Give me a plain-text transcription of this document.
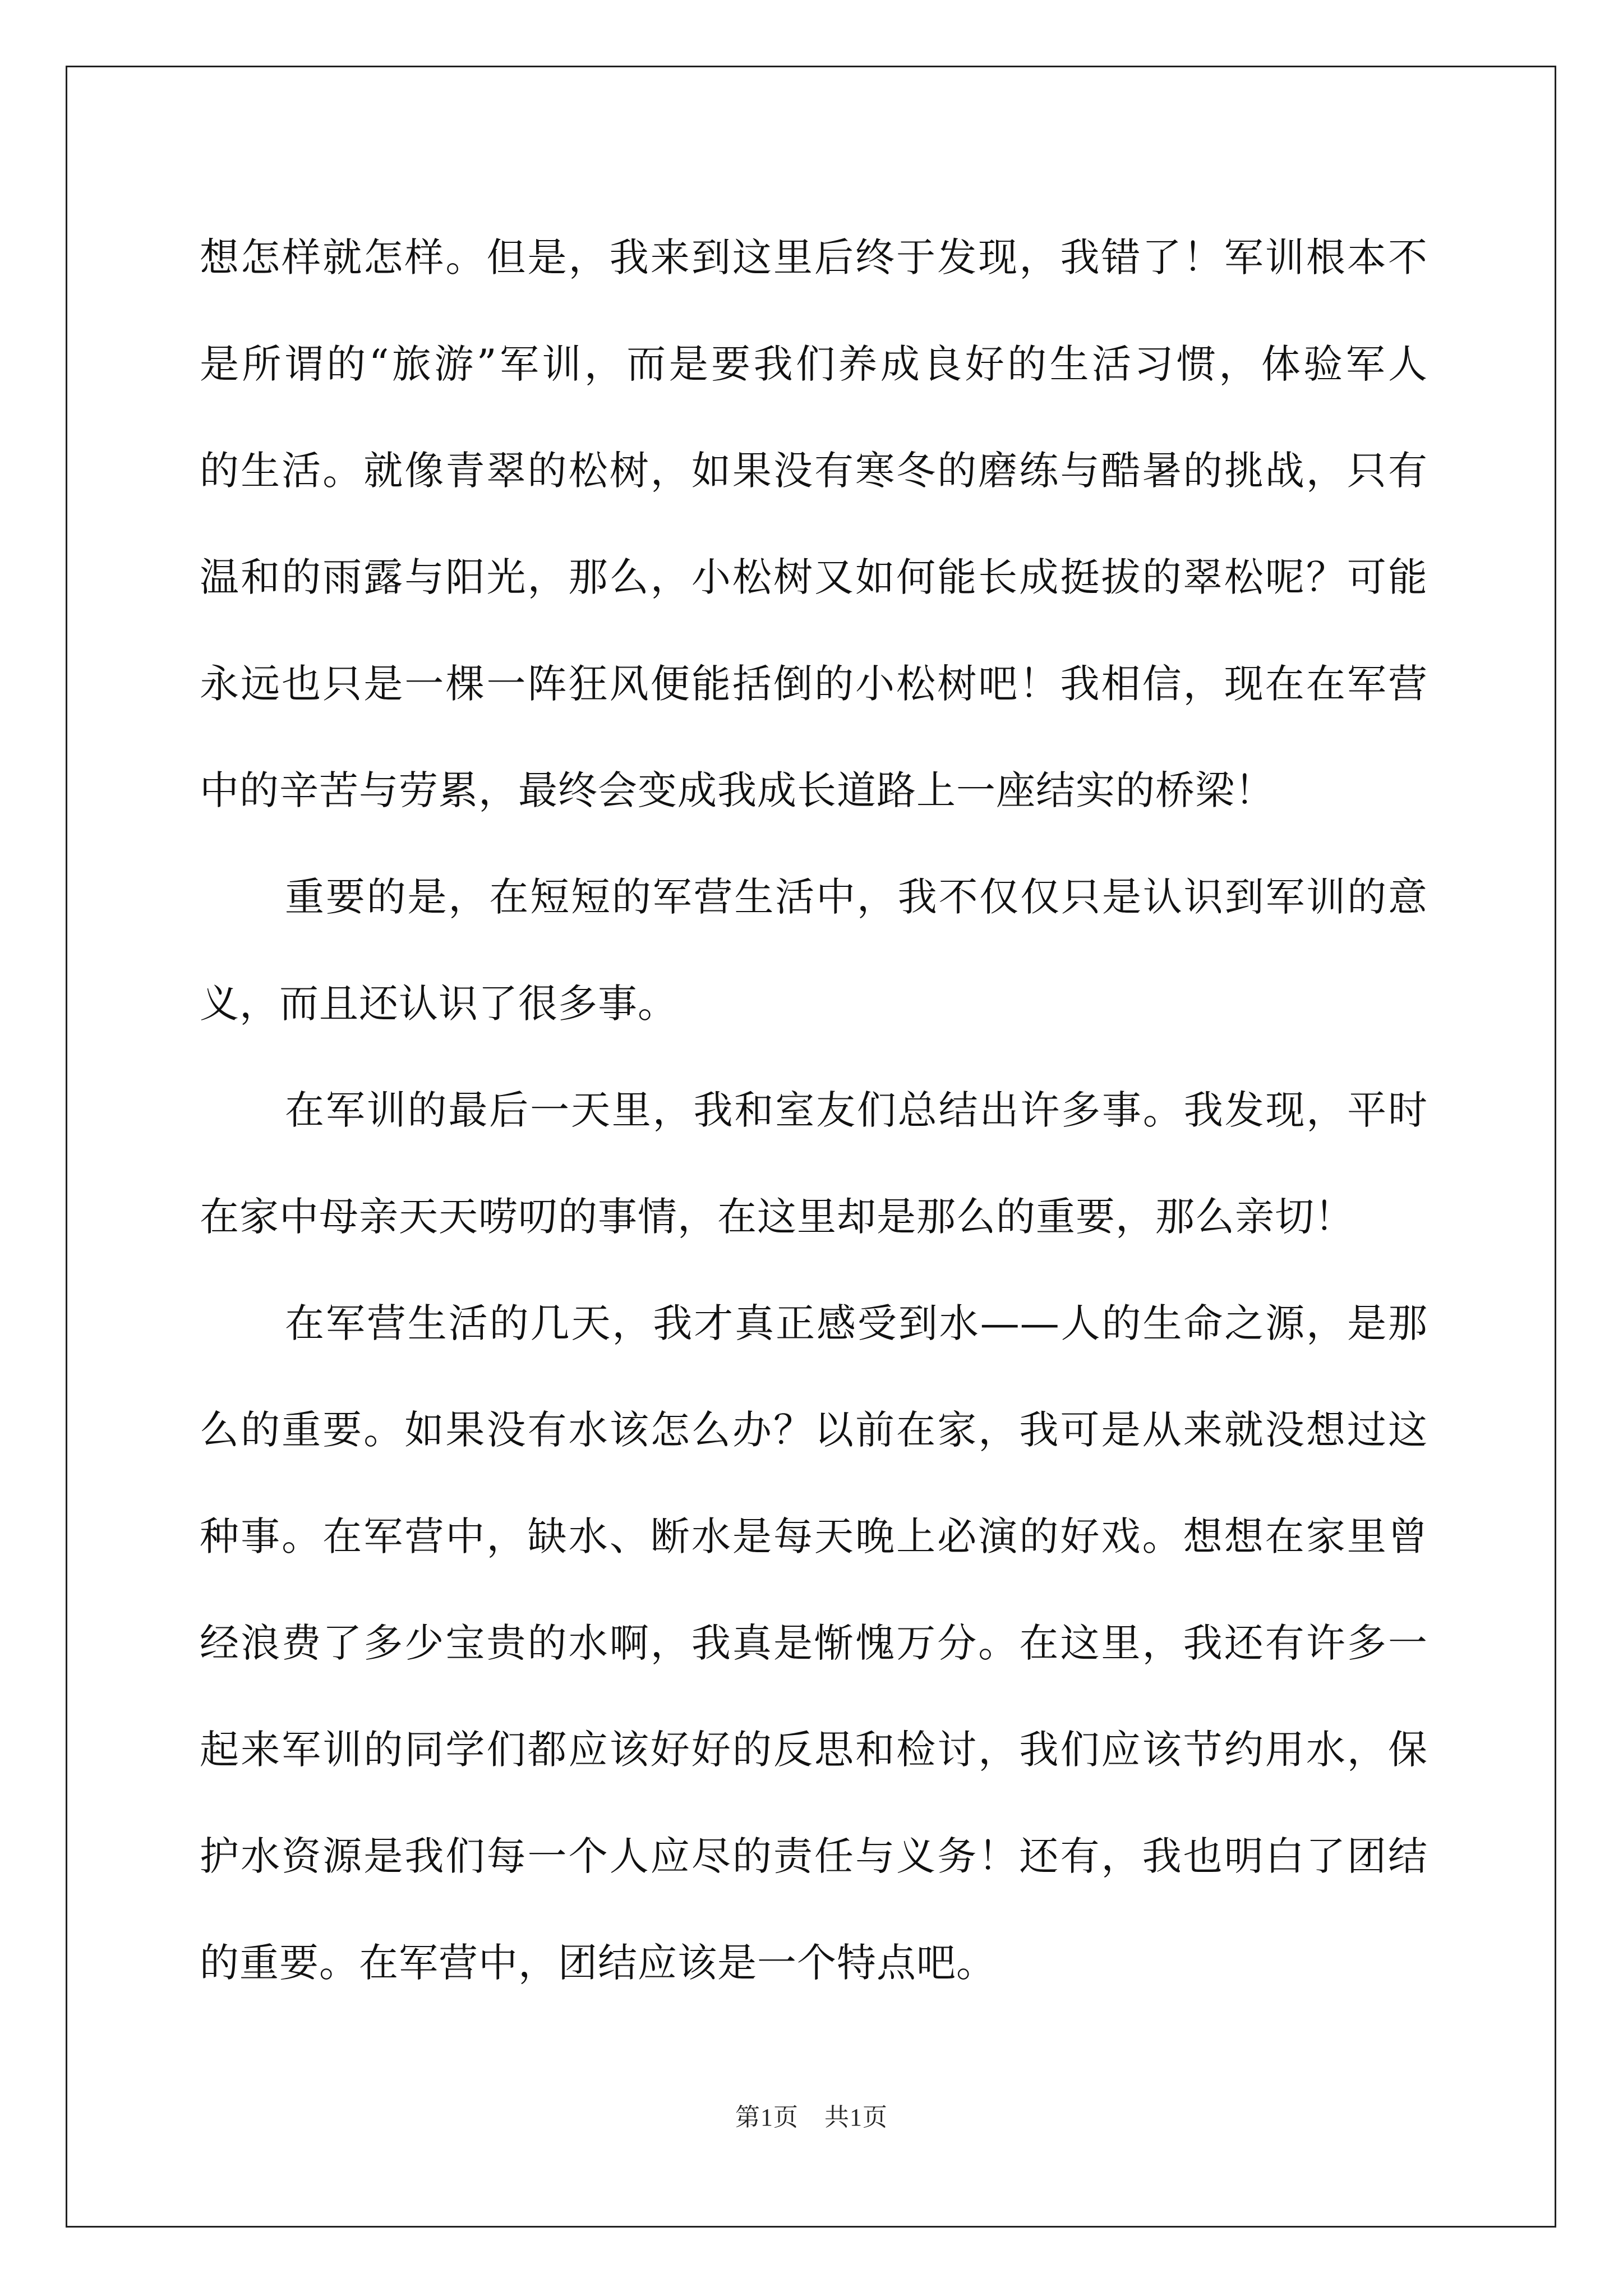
想怎样就怎样。但是，我来到这里后终于发现，我错了！军训根本不
是所谓的“旅游”军训，而是要我们养成良好的生活习惯，体验军人
的生活。就像青翠的松树，如果没有寒冬的磨练与酷暑的挑战，只有
温和的雨露与阳光，那么，小松树又如何能长成挺拔的翠松呢？可能
永远也只是一棵一阵狂风便能括倒的小松树吧！我相信，现在在军营
中的辛苦与劳累，最终会变成我成长道路上一座结实的桥梁！

重要的是，在短短的军营生活中，我不仅仅只是认识到军训的意
义，而且还认识了很多事。

在军训的最后一天里，我和室友们总结出许多事。我发现，平时
在家中母亲天天唠叨的事情，在这里却是那么的重要，那么亲切！

在军营生活的几天，我才真正感受到水——人的生命之源，是那
么的重要。如果没有水该怎么办？以前在家，我可是从来就没想过这
种事。在军营中，缺水、断水是每天晚上必演的好戏。想想在家里曾
经浪费了多少宝贵的水啊，我真是惭愧万分。在这里，我还有许多一
起来军训的同学们都应该好好的反思和检讨，我们应该节约用水，保
护水资源是我们每一个人应尽的责任与义务！还有，我也明白了团结
的重要。在军营中，团结应该是一个特点吧。

第1页 共1页
